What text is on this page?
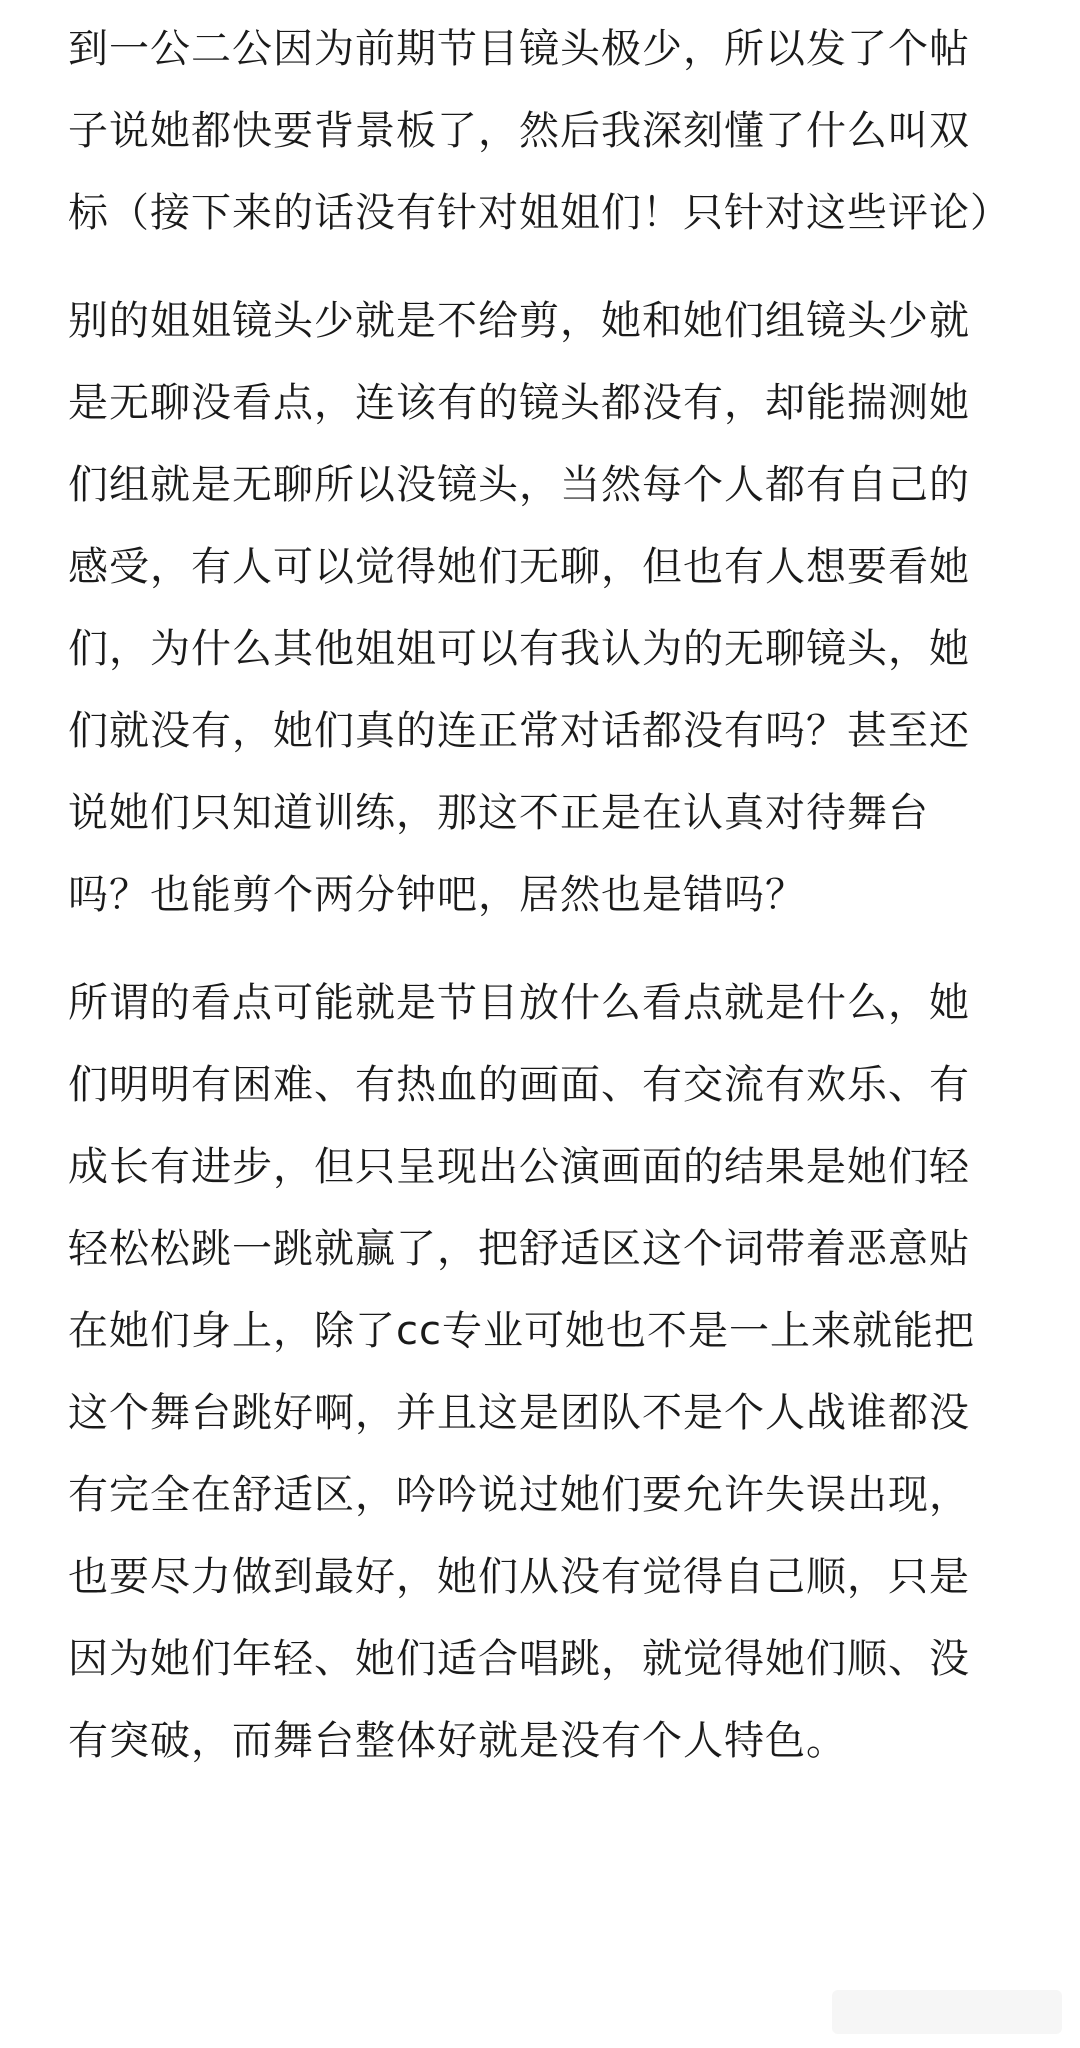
到一公二公因为前期节目镜头极少，所以发了个帖子说她都快要背景板了，然后我深刻懂了什么叫双标（接下来的话没有针对姐姐们！只针对这些评论）

别的姐姐镜头少就是不给剪，她和她们组镜头少就是无聊没看点，连该有的镜头都没有，却能揣测她们组就是无聊所以没镜头，当然每个人都有自己的感受，有人可以觉得她们无聊，但也有人想要看她们，为什么其他姐姐可以有我认为的无聊镜头，她们就没有，她们真的连正常对话都没有吗？甚至还说她们只知道训练，那这不正是在认真对待舞台吗？也能剪个两分钟吧，居然也是错吗？

所谓的看点可能就是节目放什么看点就是什么，她们明明有困难、有热血的画面、有交流有欢乐、有成长有进步，但只呈现出公演画面的结果是她们轻轻松松跳一跳就赢了，把舒适区这个词带着恶意贴在她们身上，除了cc专业可她也不是一上来就能把这个舞台跳好啊，并且这是团队不是个人战谁都没有完全在舒适区，吟吟说过她们要允许失误出现，也要尽力做到最好，她们从没有觉得自己顺，只是因为她们年轻、她们适合唱跳，就觉得她们顺、没有突破，而舞台整体好就是没有个人特色。
